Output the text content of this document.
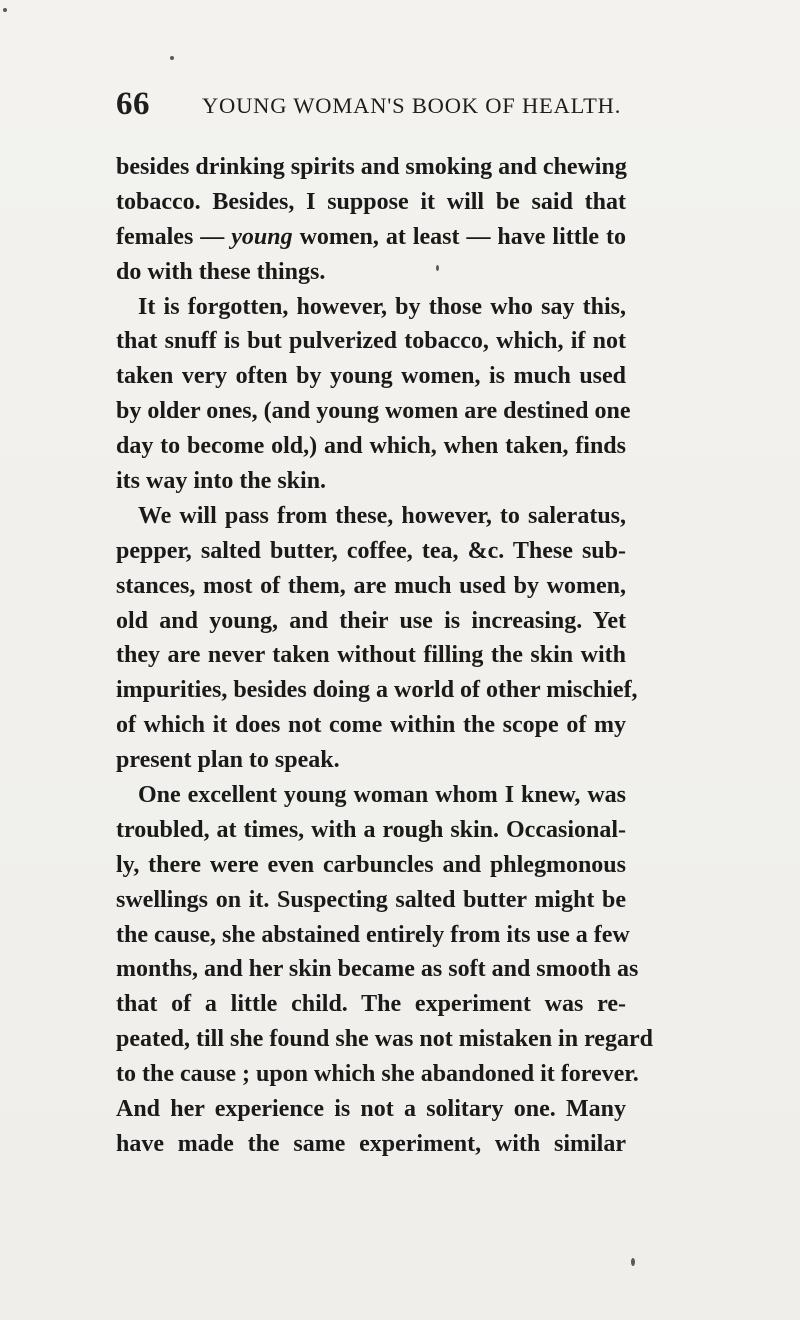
66 YOUNG WOMAN'S BOOK OF HEALTH.
besides drinking spirits and smoking and chewing
tobacco. Besides, I suppose it will be said that
females — young women, at least — have little to
do with these things.
It is forgotten, however, by those who say this,
that snuff is but pulverized tobacco, which, if not
taken very often by young women, is much used
by older ones, (and young women are destined one
day to become old,) and which, when taken, finds
its way into the skin.
We will pass from these, however, to saleratus,
pepper, salted butter, coffee, tea, &c. These sub-
stances, most of them, are much used by women,
old and young, and their use is increasing. Yet
they are never taken without filling the skin with
impurities, besides doing a world of other mischief,
of which it does not come within the scope of my
present plan to speak.
One excellent young woman whom I knew, was
troubled, at times, with a rough skin. Occasional-
ly, there were even carbuncles and phlegmonous
swellings on it. Suspecting salted butter might be
the cause, she abstained entirely from its use a few
months, and her skin became as soft and smooth as
that of a little child. The experiment was re-
peated, till she found she was not mistaken in regard
to the cause ; upon which she abandoned it forever.
And her experience is not a solitary one. Many
have made the same experiment, with similar
